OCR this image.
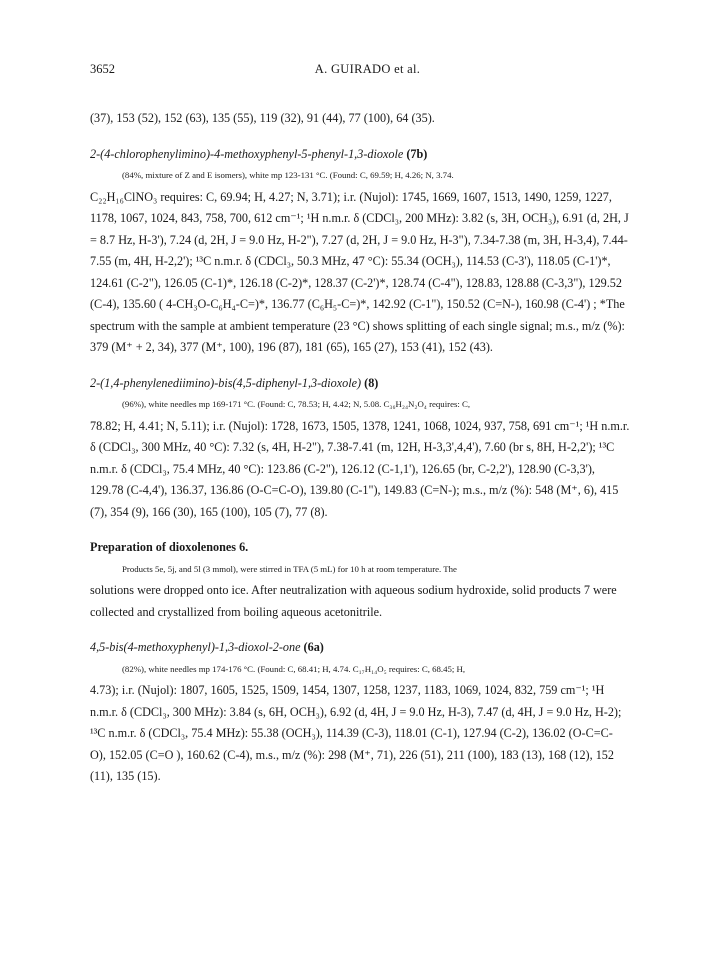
3652	A. GUIRADO et al.

(37), 153 (52), 152 (63), 135 (55), 119 (32), 91 (44), 77 (100), 64 (35).

2-(4-chlorophenylimino)-4-methoxyphenyl-5-phenyl-1,3-dioxole (7b)

(84%, mixture of Z and E isomers), white mp 123-131 °C. (Found: C, 69.59; H, 4.26; N, 3.74.

C₂₂H₁₆ClNO₃ requires: C, 69.94; H, 4.27; N, 3.71); i.r. (Nujol): 1745, 1669, 1607, 1513, 1490, 1259, 1227,

1178, 1067, 1024, 843, 758, 700, 612 cm⁻¹; ¹H n.m.r. δ (CDCl₃, 200 MHz): 3.82 (s, 3H, OCH₃), 6.91 (d, 2H, J

= 8.7 Hz, H-3'), 7.24 (d, 2H, J = 9.0 Hz, H-2"), 7.27 (d, 2H, J = 9.0 Hz, H-3"), 7.34-7.38 (m, 3H, H-3,4), 7.44-

7.55 (m, 4H, H-2,2'); ¹³C n.m.r. δ (CDCl₃, 50.3 MHz, 47 °C): 55.34 (OCH₃), 114.53 (C-3'), 118.05 (C-1')*,

124.61 (C-2"), 126.05 (C-1)*, 126.18 (C-2)*, 128.37 (C-2')*, 128.74 (C-4"), 128.83, 128.88 (C-3,3"), 129.52

(C-4), 135.60 ( 4-CH₃O-C₆H₄-C=)*, 136.77 (C₆H₅-C=)*, 142.92 (C-1"), 150.52 (C=N-), 160.98 (C-4') ; *The

spectrum with the sample at ambient temperature (23 °C) shows splitting of each single signal; m.s., m/z (%):

379 (M⁺ + 2, 34), 377 (M⁺, 100), 196 (87), 181 (65), 165 (27), 153 (41), 152 (43).

2-(1,4-phenylenediimino)-bis(4,5-diphenyl-1,3-dioxole) (8)

(96%), white needles mp 169-171 °C. (Found: C, 78.53; H, 4.42; N, 5.08. C₃₆H₂₄N₂O₄ requires: C,

78.82; H, 4.41; N, 5.11); i.r. (Nujol): 1728, 1673, 1505, 1378, 1241, 1068, 1024, 937, 758, 691 cm⁻¹; ¹H n.m.r.

δ (CDCl₃, 300 MHz, 40 °C): 7.32 (s, 4H, H-2"), 7.38-7.41 (m, 12H, H-3,3',4,4'), 7.60 (br s, 8H, H-2,2'); ¹³C

n.m.r. δ (CDCl₃, 75.4 MHz, 40 °C): 123.86 (C-2"), 126.12 (C-1,1'), 126.65 (br, C-2,2'), 128.90 (C-3,3'),

129.78 (C-4,4'), 136.37, 136.86 (O-C=C-O), 139.80 (C-1"), 149.83 (C=N-); m.s., m/z (%): 548 (M⁺, 6), 415

(7), 354 (9), 166 (30), 165 (100), 105 (7), 77 (8).

Preparation of dioxolenones 6.

Products 5e, 5j, and 5l (3 mmol), were stirred in TFA (5 mL) for 10 h at room temperature. The

solutions were dropped onto ice. After neutralization with aqueous sodium hydroxide, solid products 7 were

collected and crystallized from boiling aqueous acetonitrile.

4,5-bis(4-methoxyphenyl)-1,3-dioxol-2-one (6a)

(82%), white needles mp 174-176 °C. (Found: C, 68.41; H, 4.74. C₁₇H₁₄O₅ requires: C, 68.45; H,

4.73); i.r. (Nujol): 1807, 1605, 1525, 1509, 1454, 1307, 1258, 1237, 1183, 1069, 1024, 832, 759 cm⁻¹; ¹H

n.m.r. δ (CDCl₃, 300 MHz): 3.84 (s, 6H, OCH₃), 6.92 (d, 4H, J = 9.0 Hz, H-3), 7.47 (d, 4H, J = 9.0 Hz, H-2);

¹³C n.m.r. δ (CDCl₃, 75.4 MHz): 55.38 (OCH₃), 114.39 (C-3), 118.01 (C-1), 127.94 (C-2), 136.02 (O-C=C-

O), 152.05 (C=O ), 160.62 (C-4), m.s., m/z (%): 298 (M⁺, 71), 226 (51), 211 (100), 183 (13), 168 (12), 152

(11), 135 (15).
